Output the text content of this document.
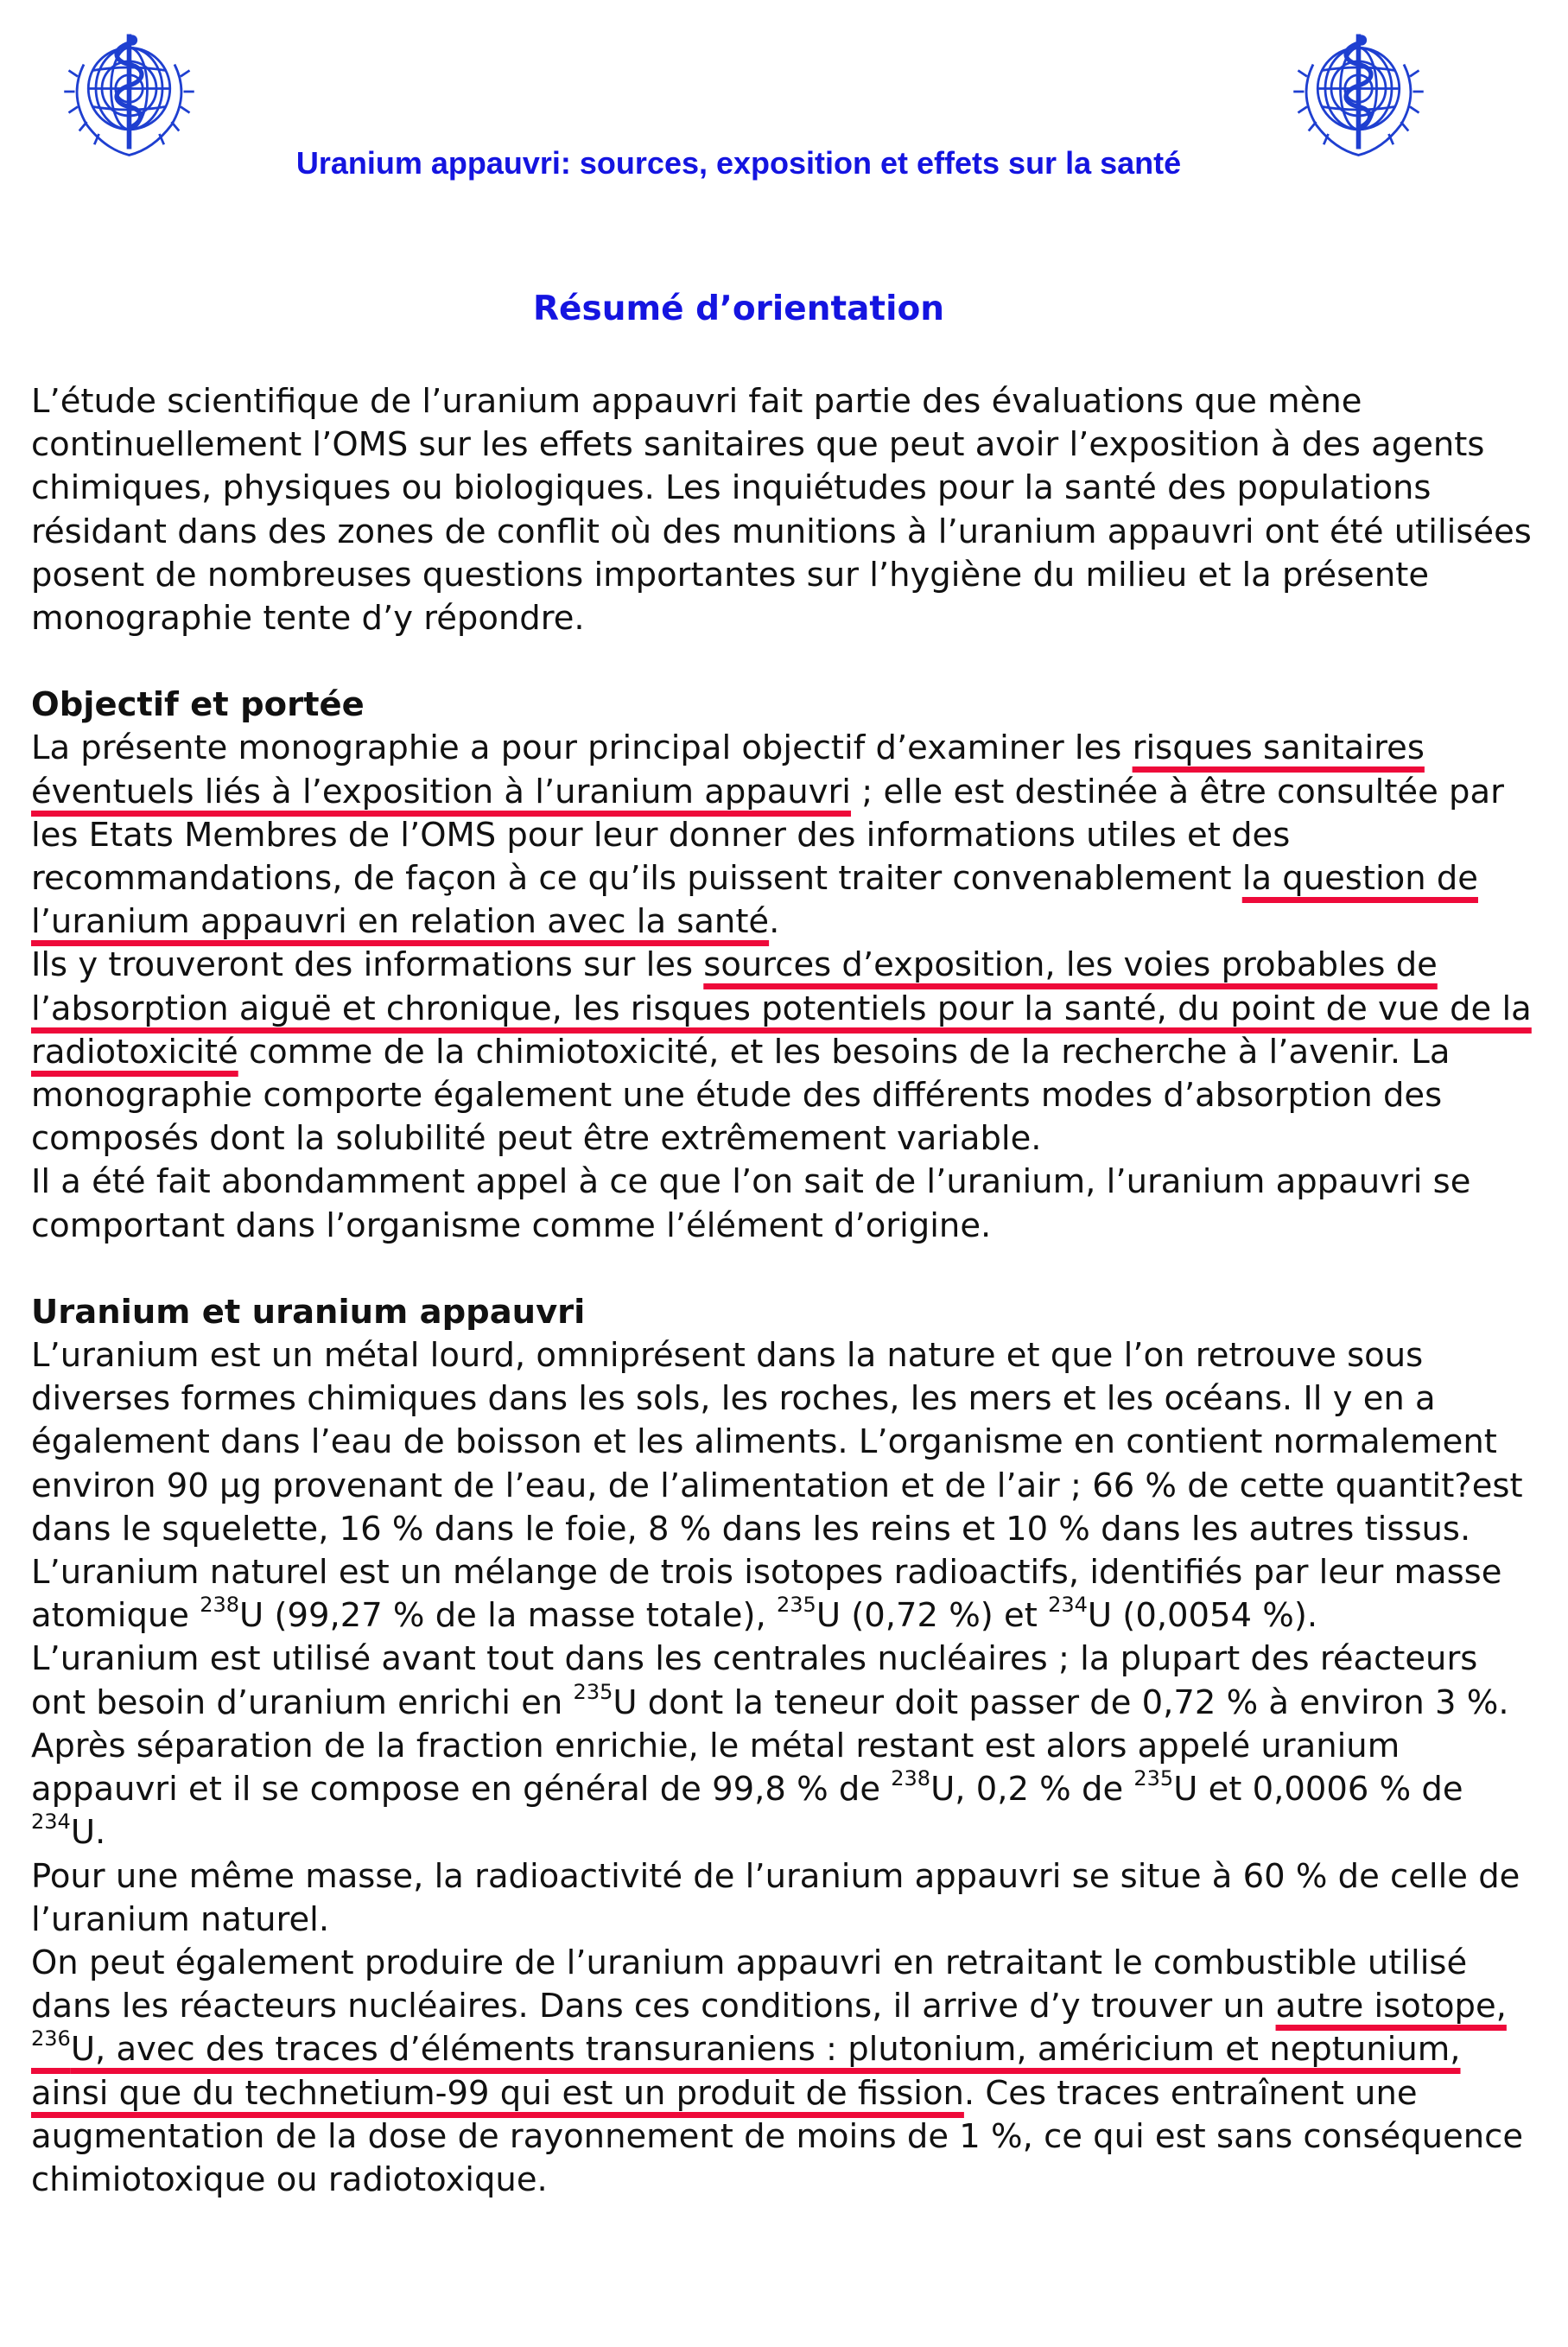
Uranium appauvri: sources, exposition et effets sur la santé
Résumé d’orientation

L’étude scientifique de l’uranium appauvri fait partie des évaluations que mène continuellement l’OMS sur les effets sanitaires que peut avoir l’exposition à des agents chimiques, physiques ou biologiques. Les inquiétudes pour la santé des populations résidant dans des zones de conflit où des munitions à l’uranium appauvri ont été utilisées posent de nombreuses questions importantes sur l’hygiène du milieu et la présente monographie tente d’y répondre.

Objectif et portée

La présente monographie a pour principal objectif d’examiner les risques sanitaires éventuels liés à l’exposition à l’uranium appauvri ; elle est destinée à être consultée par les Etats Membres de l’OMS pour leur donner des informations utiles et des recommandations, de façon à ce qu’ils puissent traiter convenablement la question de l’uranium appauvri en relation avec la santé.

Ils y trouveront des informations sur les sources d’exposition, les voies probables de l’absorption aiguë et chronique, les risques potentiels pour la santé, du point de vue de la radiotoxicité comme de la chimiotoxicité, et les besoins de la recherche à l’avenir. La monographie comporte également une étude des différents modes d’absorption des composés dont la solubilité peut être extrêmement variable.

Il a été fait abondamment appel à ce que l’on sait de l’uranium, l’uranium appauvri se comportant dans l’organisme comme l’élément d’origine.

Uranium et uranium appauvri

L’uranium est un métal lourd, omniprésent dans la nature et que l’on retrouve sous diverses formes chimiques dans les sols, les roches, les mers et les océans. Il y en a également dans l’eau de boisson et les aliments. L’organisme en contient normalement environ 90 µg provenant de l’eau, de l’alimentation et de l’air ; 66 % de cette quantit?est dans le squelette, 16 % dans le foie, 8 % dans les reins et 10 % dans les autres tissus.

L’uranium naturel est un mélange de trois isotopes radioactifs, identifiés par leur masse atomique $^{238}$U (99,27 % de la masse totale), $^{235}$U (0,72 %) et $^{234}$U (0,0054 %).

L’uranium est utilisé avant tout dans les centrales nucléaires ; la plupart des réacteurs ont besoin d’uranium enrichi en $^{235}$U dont la teneur doit passer de 0,72 % à environ 3 %. Après séparation de la fraction enrichie, le métal restant est alors appelé uranium appauvri et il se compose en général de 99,8 % de $^{238}$U, 0,2 % de $^{235}$U et 0,0006 % de $^{234}$U.

Pour une même masse, la radioactivité de l’uranium appauvri se situe à 60 % de celle de l’uranium naturel.

On peut également produire de l’uranium appauvri en retraitant le combustible utilisé dans les réacteurs nucléaires. Dans ces conditions, il arrive d’y trouver un autre isotope, $^{236}$U, avec des traces d’éléments transuraniens : plutonium, américium et neptunium, ainsi que du technetium-99 qui est un produit de fission. Ces traces entraînent une augmentation de la dose de rayonnement de moins de 1 %, ce qui est sans conséquence chimiotoxique ou radiotoxique.
